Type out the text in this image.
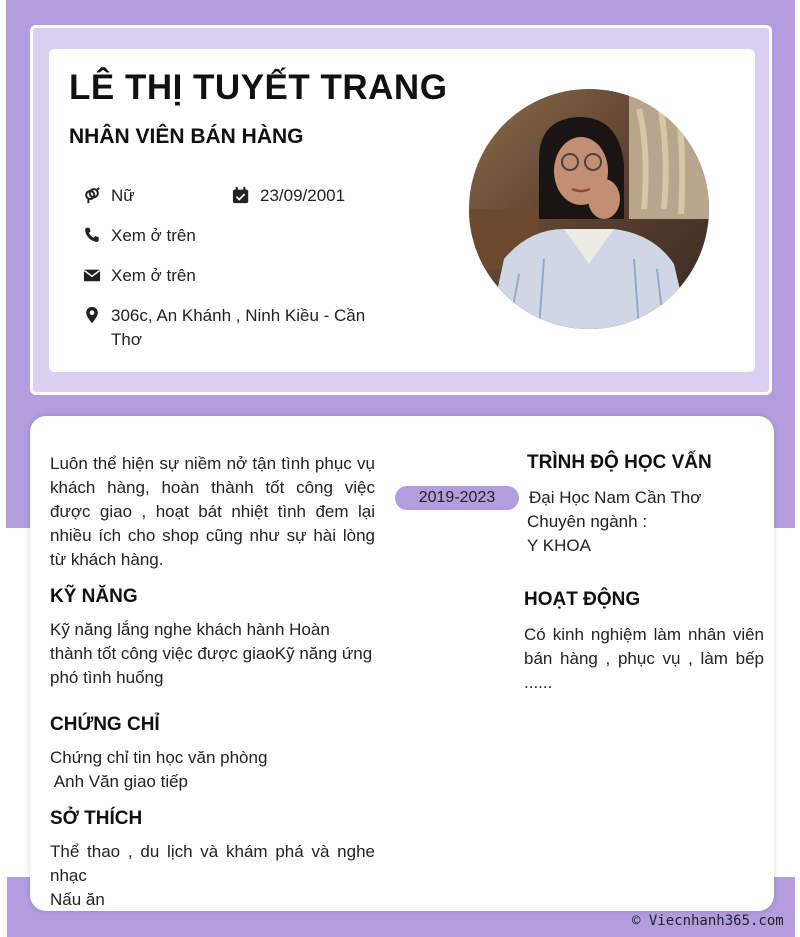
LÊ THỊ TUYẾT TRANG
NHÂN VIÊN BÁN HÀNG
Nữ	23/09/2001
Xem ở trên
Xem ở trên
306c, An Khánh , Ninh Kiều - Cần Thơ

Luôn thể hiện sự niềm nở tận tình phục vụ khách hàng, hoàn thành tốt công việc được giao , hoạt bát nhiệt tình đem lại nhiều ích cho shop cũng như sự hài lòng từ khách hàng.

KỸ NĂNG

Kỹ năng lắng nghe khách hành Hoàn thành tốt công việc được giaoKỹ năng ứng phó tình huống

CHỨNG CHỈ

Chứng chỉ tin học văn phòng

Anh Văn giao tiếp

SỞ THÍCH

Thể thao , du lịch và khám phá và nghe nhạc

Nấu ăn

2019-2023
TRÌNH ĐỘ HỌC VẤN

Đại Học Nam Cần Thơ

Chuyên ngành :

Y KHOA

HOẠT ĐỘNG

Có kinh nghiệm làm nhân viên bán hàng , phục vụ , làm bếp ......

© Viecnhanh365.com
